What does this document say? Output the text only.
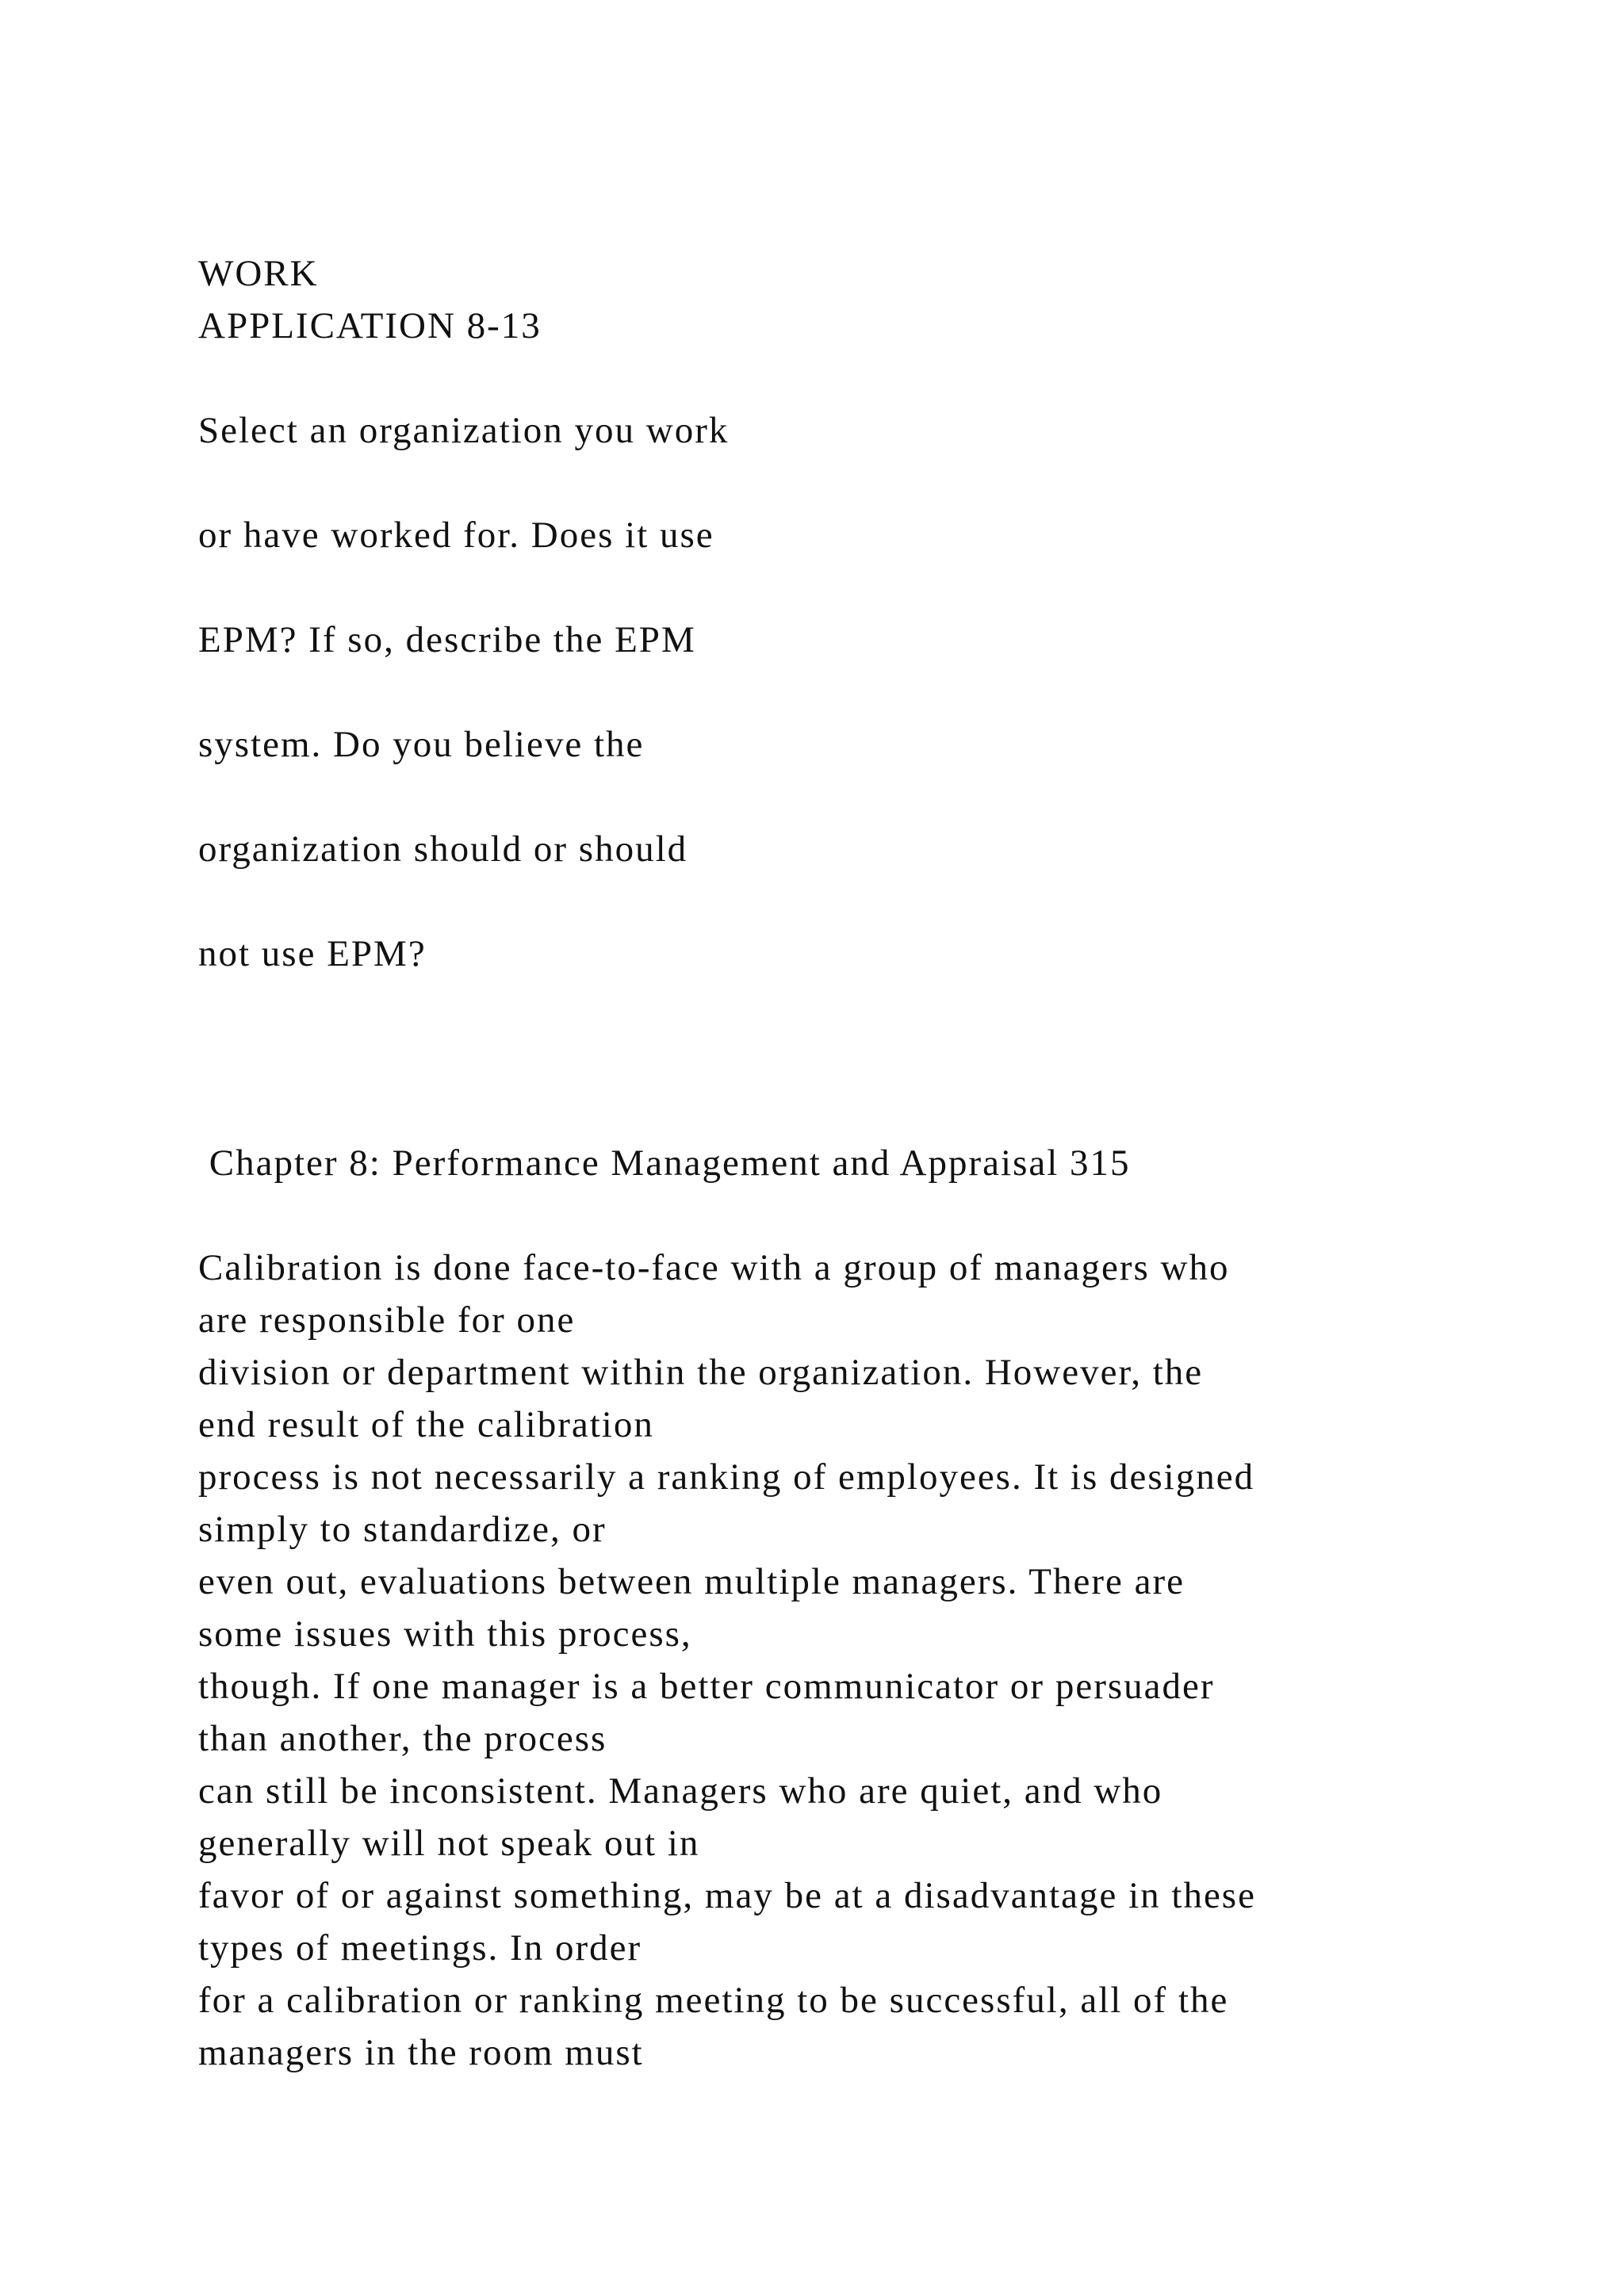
WORK
APPLICATION 8-13
Select an organization you work
or have worked for. Does it use
EPM? If so, describe the EPM
system. Do you believe the
organization should or should
not use EPM?
Chapter 8: Performance Management and Appraisal 315
Calibration is done face-to-face with a group of managers who
are responsible for one
division or department within the organization. However, the
end result of the calibration
process is not necessarily a ranking of employees. It is designed
simply to standardize, or
even out, evaluations between multiple managers. There are
some issues with this process,
though. If one manager is a better communicator or persuader
than another, the process
can still be inconsistent. Managers who are quiet, and who
generally will not speak out in
favor of or against something, may be at a disadvantage in these
types of meetings. In order
for a calibration or ranking meeting to be successful, all of the
managers in the room must
